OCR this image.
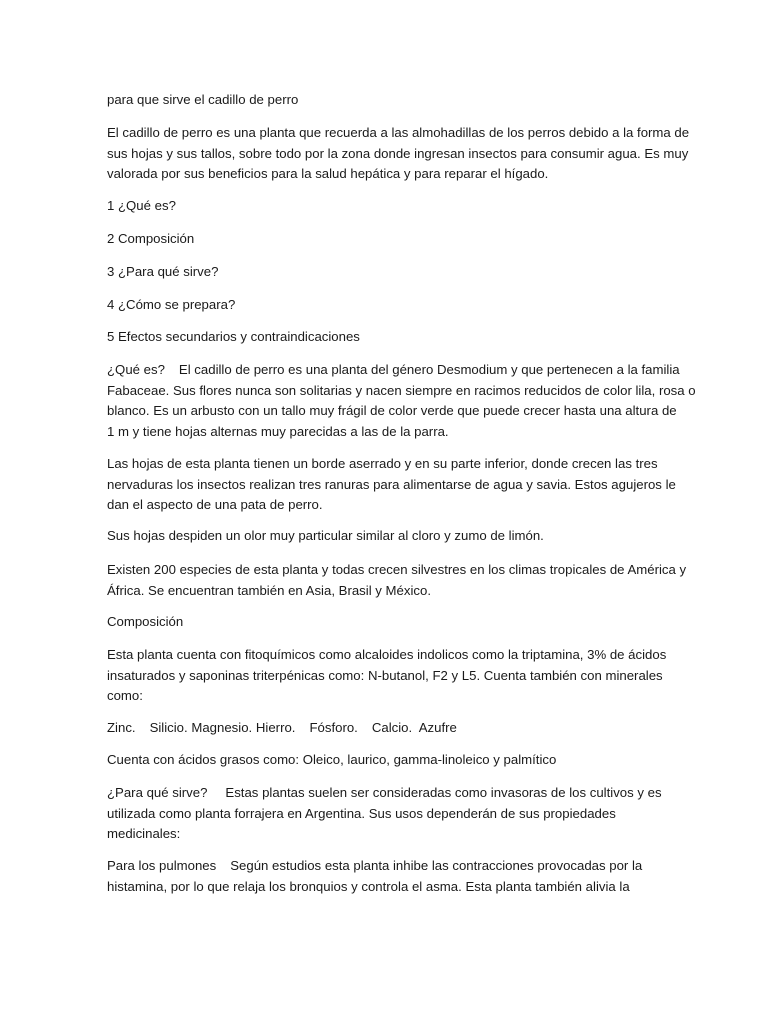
para que sirve el cadillo de perro

El cadillo de perro es una planta que recuerda a las almohadillas de los perros debido a la forma de
sus hojas y sus tallos, sobre todo por la zona donde ingresan insectos para consumir agua. Es muy
valorada por sus beneficios para la salud hepática y para reparar el hígado.

1 ¿Qué es?

2 Composición

3 ¿Para qué sirve?

4 ¿Cómo se prepara?

5 Efectos secundarios y contraindicaciones

¿Qué es? El cadillo de perro es una planta del género Desmodium y que pertenecen a la familia
Fabaceae. Sus flores nunca son solitarias y nacen siempre en racimos reducidos de color lila, rosa o
blanco. Es un arbusto con un tallo muy frágil de color verde que puede crecer hasta una altura de
1 m y tiene hojas alternas muy parecidas a las de la parra.

Las hojas de esta planta tienen un borde aserrado y en su parte inferior, donde crecen las tres
nervaduras los insectos realizan tres ranuras para alimentarse de agua y savia. Estos agujeros le
dan el aspecto de una pata de perro.

Sus hojas despiden un olor muy particular similar al cloro y zumo de limón.

Existen 200 especies de esta planta y todas crecen silvestres en los climas tropicales de América y
África. Se encuentran también en Asia, Brasil y México.

Composición

Esta planta cuenta con fitoquímicos como alcaloides indolicos como la triptamina, 3% de ácidos
insaturados y saponinas triterpénicas como: N-butanol, F2 y L5. Cuenta también con minerales
como:

Zinc. Silicio. Magnesio. Hierro. Fósforo. Calcio. Azufre

Cuenta con ácidos grasos como: Oleico, laurico, gamma-linoleico y palmítico

¿Para qué sirve? Estas plantas suelen ser consideradas como invasoras de los cultivos y es
utilizada como planta forrajera en Argentina. Sus usos dependerán de sus propiedades
medicinales:

Para los pulmones Según estudios esta planta inhibe las contracciones provocadas por la
histamina, por lo que relaja los bronquios y controla el asma. Esta planta también alivia la
